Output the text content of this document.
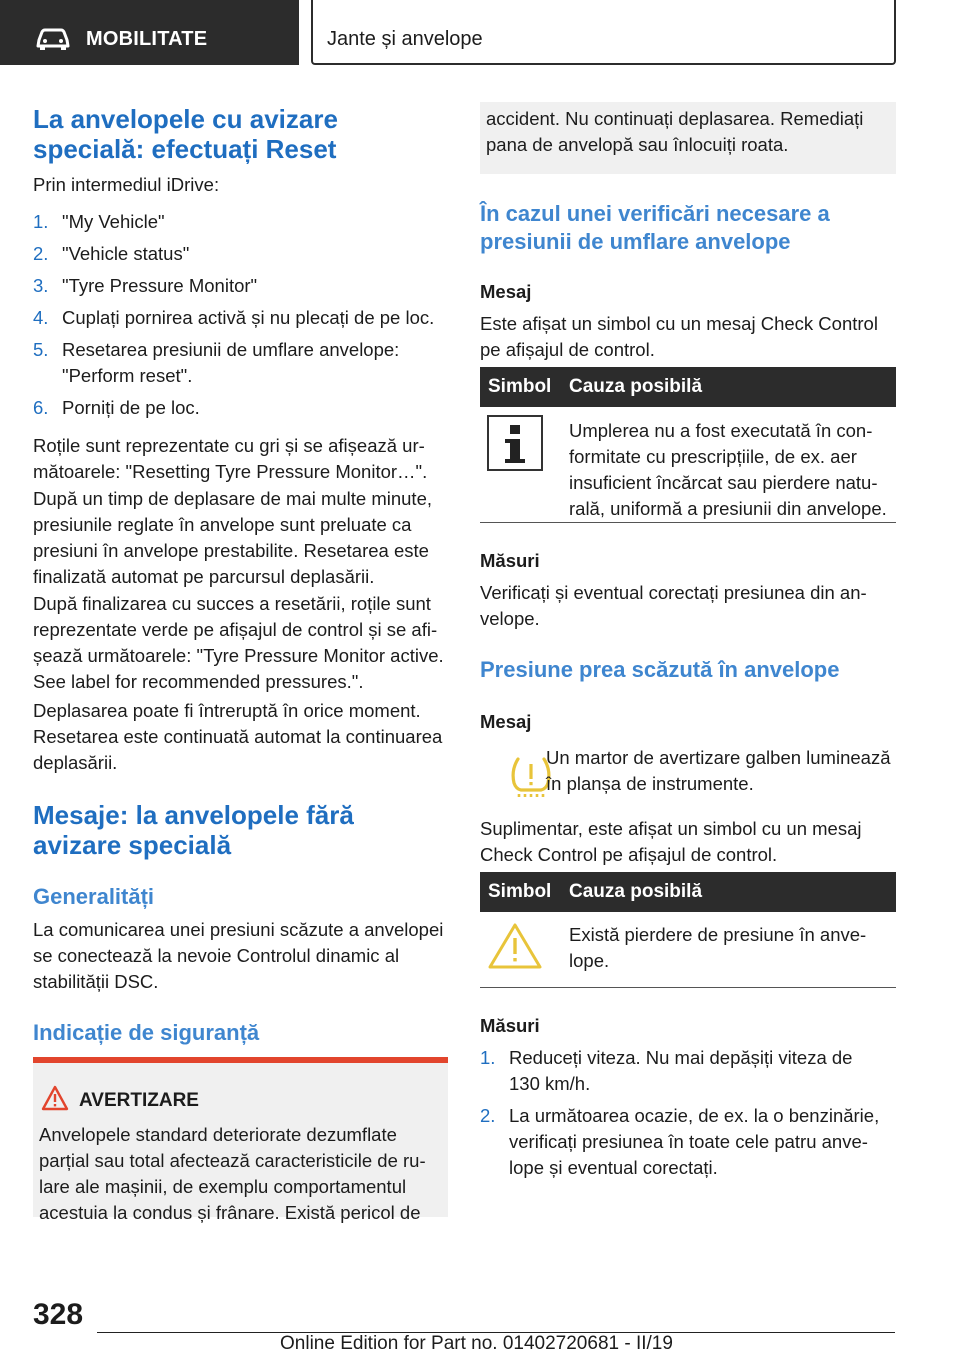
MOBILITATE	Jante și anvelope
La anvelopele cu avizare specială: efectuați Reset
Prin intermediul iDrive:
1. "My Vehicle"
2. "Vehicle status"
3. "Tyre Pressure Monitor"
4. Cuplați pornirea activă și nu plecați de pe loc.
5. Resetarea presiunii de umflare anvelope: "Perform reset".
6. Porniți de pe loc.
Roțile sunt reprezentate cu gri și se afișează următoarele: "Resetting Tyre Pressure Monitor…".
După un timp de deplasare de mai multe minute, presiunile reglate în anvelope sunt preluate ca presiuni în anvelope prestabilite. Resetarea este finalizată automat pe parcursul deplasării.
După finalizarea cu succes a resetării, roțile sunt reprezentate verde pe afișajul de control și se afișează următoarele: "Tyre Pressure Monitor active. See label for recommended pressures.".
Deplasarea poate fi întreruptă în orice moment. Resetarea este continuată automat la continuarea deplasării.
Mesaje: la anvelopele fără avizare specială
Generalități
La comunicarea unei presiuni scăzute a anvelopei se conectează la nevoie Controlul dinamic al stabilității DSC.
Indicație de siguranță
AVERTIZARE
Anvelopele standard deteriorate dezumflate parțial sau total afectează caracteristicile de rulare ale mașinii, de exemplu comportamentul acestuia la condus și frânare. Există pericol de
accident. Nu continuați deplasarea. Remediați pana de anvelopă sau înlocuiți roata.
În cazul unei verificări necesare a presiunii de umflare anvelope
Mesaj
Este afișat un simbol cu un mesaj Check Control pe afișajul de control.
Simbol Cauza posibilă
Umplerea nu a fost executată în conformitate cu prescripțiile, de ex. aer insuficient încărcat sau pierdere naturală, uniformă a presiunii din anvelope.
Măsuri
Verificați și eventual corectați presiunea din anvelope.
Presiune prea scăzută în anvelope
Mesaj
Un martor de avertizare galben luminează în planșa de instrumente.
Suplimentar, este afișat un simbol cu un mesaj Check Control pe afișajul de control.
Simbol Cauza posibilă
Există pierdere de presiune în anvelope.
Măsuri
1. Reduceți viteza. Nu mai depășiți viteza de 130 km/h.
2. La următoarea ocazie, de ex. la o benzinărie, verificați presiunea în toate cele patru anvelope și eventual corectați.
328
Online Edition for Part no. 01402720681 - II/19
